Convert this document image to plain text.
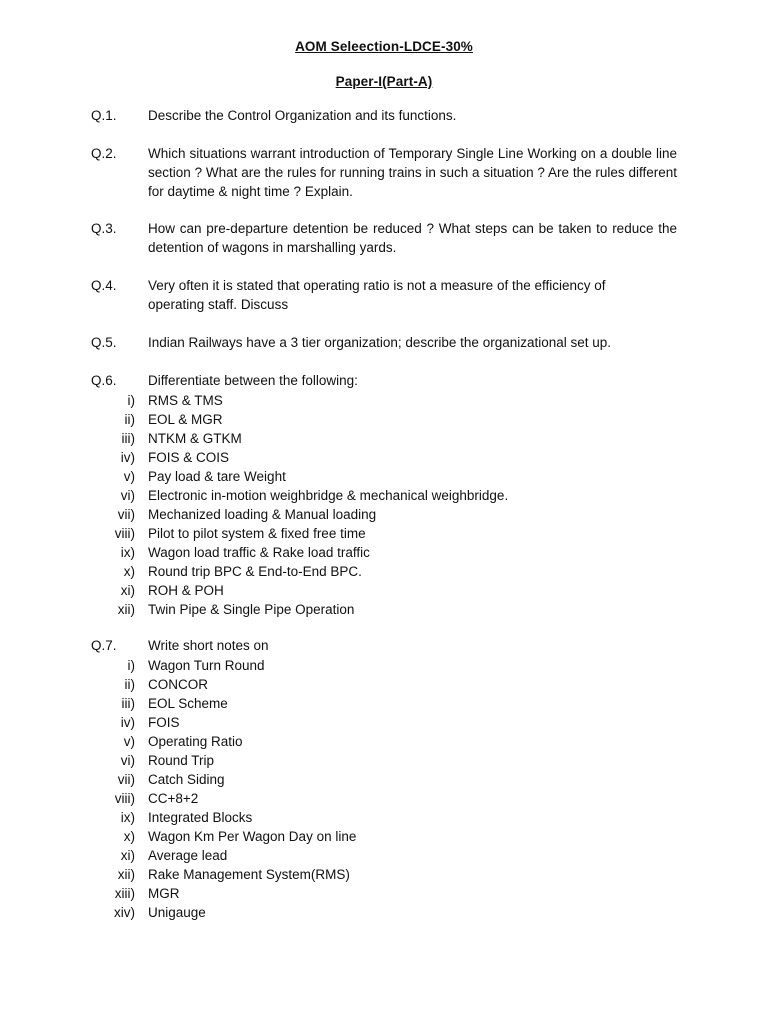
AOM Seleection-LDCE-30%
Paper-I(Part-A)
Q.1. Describe the Control Organization and its functions.
Q.2. Which situations warrant introduction of Temporary Single Line Working on a double line section ? What are the rules for running trains in such a situation ? Are the rules different for daytime & night time ? Explain.
Q.3. How can pre-departure detention be reduced ? What steps can be taken to reduce the detention of wagons in marshalling yards.
Q.4. Very often it is stated that operating ratio is not a measure of the efficiency of operating staff. Discuss
Q.5. Indian Railways have a 3 tier organization; describe the organizational set up.
Q.6. Differentiate between the following:
i) RMS & TMS
ii) EOL & MGR
iii) NTKM & GTKM
iv) FOIS & COIS
v) Pay load & tare Weight
vi) Electronic in-motion weighbridge & mechanical weighbridge.
vii) Mechanized loading & Manual loading
viii) Pilot to pilot system & fixed free time
ix) Wagon load traffic & Rake load traffic
x) Round trip BPC & End-to-End BPC.
xi) ROH & POH
xii) Twin Pipe & Single Pipe Operation
Q.7. Write short notes on
i) Wagon Turn Round
ii) CONCOR
iii) EOL Scheme
iv) FOIS
v) Operating Ratio
vi) Round Trip
vii) Catch Siding
viii) CC+8+2
ix) Integrated Blocks
x) Wagon Km Per Wagon Day on line
xi) Average lead
xii) Rake Management System(RMS)
xiii) MGR
xiv) Unigauge
